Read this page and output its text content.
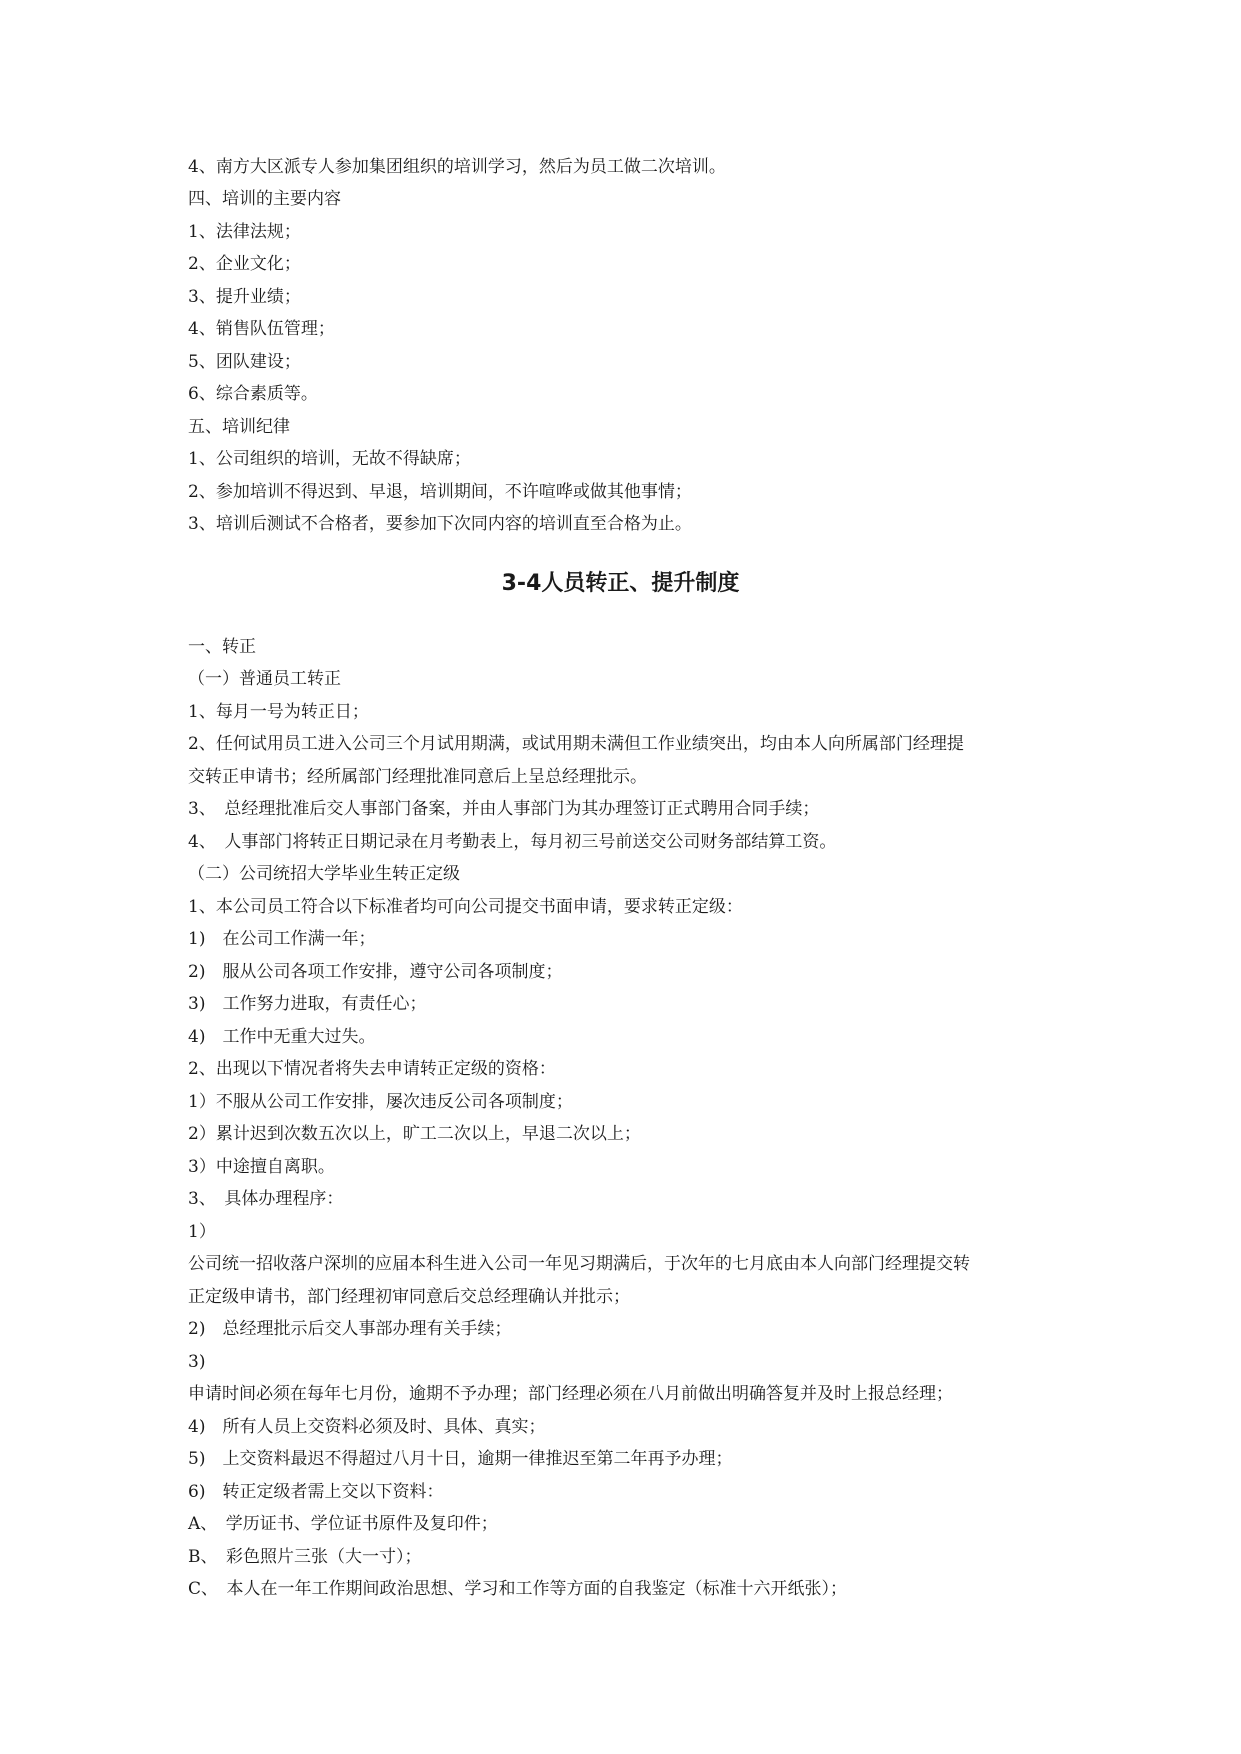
4、南方大区派专人参加集团组织的培训学习，然后为员工做二次培训。
四、培训的主要内容
1、法律法规；
2、企业文化；
3、提升业绩；
4、销售队伍管理；
5、团队建设；
6、综合素质等。
五、培训纪律
1、公司组织的培训，无故不得缺席；
2、参加培训不得迟到、早退，培训期间，不许喧哗或做其他事情；
3、培训后测试不合格者，要参加下次同内容的培训直至合格为止。
3-4人员转正、提升制度
一、转正
（一）普通员工转正
1、每月一号为转正日；
2、任何试用员工进入公司三个月试用期满，或试用期未满但工作业绩突出，均由本人向所属部门经理提
交转正申请书；经所属部门经理批准同意后上呈总经理批示。
3、　总经理批准后交人事部门备案，并由人事部门为其办理签订正式聘用合同手续；
4、　人事部门将转正日期记录在月考勤表上，每月初三号前送交公司财务部结算工资。
（二）公司统招大学毕业生转正定级
1、本公司员工符合以下标准者均可向公司提交书面申请，要求转正定级：
1)　在公司工作满一年；
2)　服从公司各项工作安排，遵守公司各项制度；
3)　工作努力进取，有责任心；
4)　工作中无重大过失。
2、出现以下情况者将失去申请转正定级的资格：
1）不服从公司工作安排，屡次违反公司各项制度；
2）累计迟到次数五次以上，旷工二次以上，早退二次以上；
3）中途擅自离职。
3、　具体办理程序：
1）
公司统一招收落户深圳的应届本科生进入公司一年见习期满后，于次年的七月底由本人向部门经理提交转
正定级申请书，部门经理初审同意后交总经理确认并批示；
2)　总经理批示后交人事部办理有关手续；
3)
申请时间必须在每年七月份，逾期不予办理；部门经理必须在八月前做出明确答复并及时上报总经理；
4)　所有人员上交资料必须及时、具体、真实；
5)　上交资料最迟不得超过八月十日，逾期一律推迟至第二年再予办理；
6)　转正定级者需上交以下资料：
A、　学历证书、学位证书原件及复印件；
B、　彩色照片三张（大一寸）；
C、　本人在一年工作期间政治思想、学习和工作等方面的自我鉴定（标准十六开纸张）；
